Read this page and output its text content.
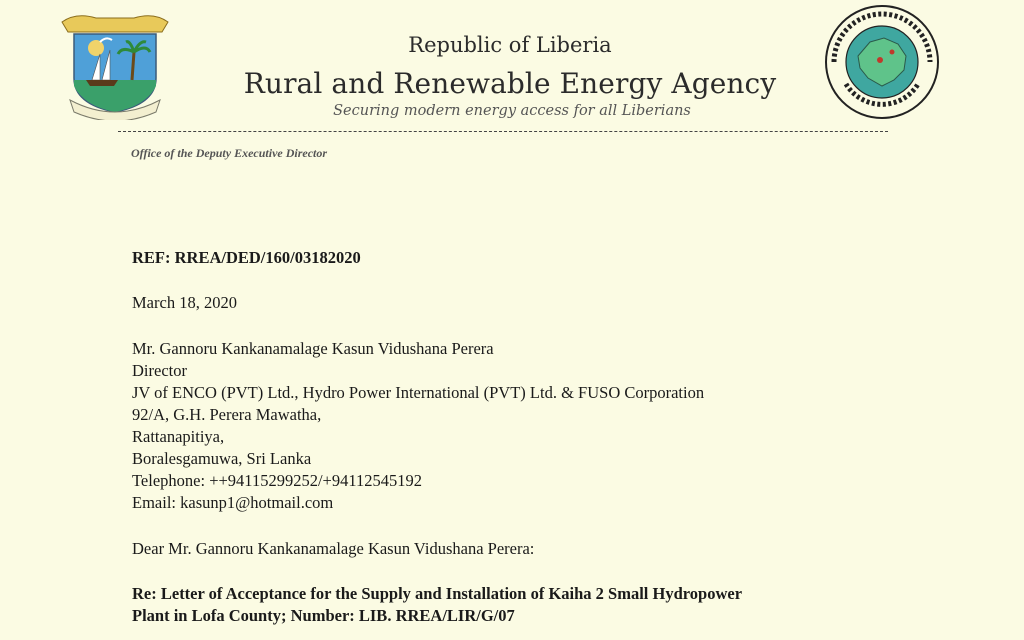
Republic of Liberia
Rural and Renewable Energy Agency
Securing modern energy access for all Liberians
Office of the Deputy Executive Director
REF: RREA/DED/160/03182020
March 18, 2020
Mr. Gannoru Kankanamalage Kasun Vidushana Perera
Director
JV of ENCO (PVT) Ltd., Hydro Power International (PVT) Ltd. & FUSO Corporation
92/A, G.H. Perera Mawatha,
Rattanapitiya,
Boralesgamuwa, Sri Lanka
Telephone: ++94115299252/+94112545192
Email: kasunp1@hotmail.com
Dear Mr. Gannoru Kankanamalage Kasun Vidushana Perera:
Re: Letter of Acceptance for the Supply and Installation of Kaiha 2 Small Hydropower
Plant in Lofa County; Number: LIB. RREA/LIR/G/07
